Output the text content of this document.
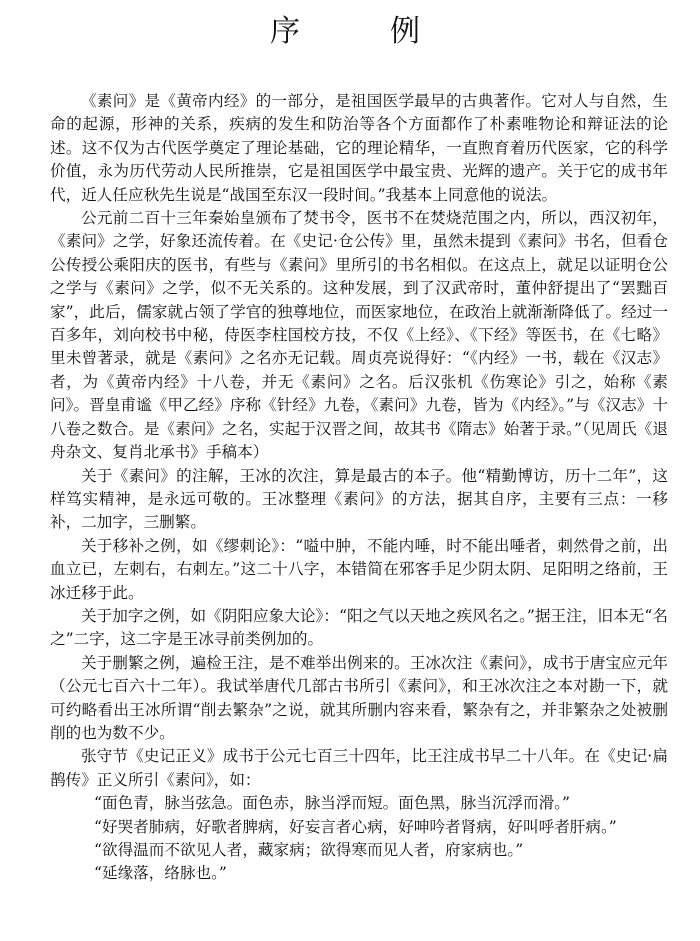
序　例

《素问》是《黄帝内经》的一部分，是祖国医学最早的古典著作。它对人与自然，生命的起源，形神的关系，疾病的发生和防治等各个方面都作了朴素唯物论和辩证法的论述。这不仅为古代医学奠定了理论基础，它的理论精华，一直煦育着历代医家，它的科学价值，永为历代劳动人民所推崇，它是祖国医学中最宝贵、光辉的遗产。关于它的成书年代，近人任应秋先生说是“战国至东汉一段时间。”我基本上同意他的说法。

公元前二百十三年秦始皇颁布了焚书令，医书不在焚烧范围之内，所以，西汉初年，《素问》之学，好象还流传着。在《史记·仓公传》里，虽然未提到《素问》书名，但看仓公传授公乘阳庆的医书，有些与《素问》里所引的书名相似。在这点上，就足以证明仓公之学与《素问》之学，似不无关系的。这种发展，到了汉武帝时，董仲舒提出了“罢黜百家”，此后，儒家就占领了学官的独尊地位，而医家地位，在政治上就渐渐降低了。经过一百多年，刘向校书中秘，侍医李柱国校方技，不仅《上经》、《下经》等医书，在《七略》里未曾著录，就是《素问》之名亦无记载。周贞亮说得好：“《内经》一书，载在《汉志》者，为《黄帝内经》十八卷，并无《素问》之名。后汉张机《伤寒论》引之，始称《素问》。晋皇甫谧《甲乙经》序称《针经》九卷，《素问》九卷，皆为《内经》。”与《汉志》十八卷之数合。是《素问》之名，实起于汉晋之间，故其书《隋志》始著于录。”（见周氏《退舟杂文、复肖北承书》手稿本）

关于《素问》的注解，王冰的次注，算是最古的本子。他“精勤博访，历十二年”，这样笃实精神，是永远可敬的。王冰整理《素问》的方法，据其自序，主要有三点：一移补，二加字，三删繁。

关于移补之例，如《缪刺论》：“嗌中肿，不能内唾，时不能出唾者，刺然骨之前，出血立已，左刺右，右刺左。”这二十八字，本错简在邪客手足少阴太阴、足阳明之络前，王冰迁移于此。

关于加字之例，如《阴阳应象大论》：“阳之气以天地之疾风名之。”据王注，旧本无“名之”二字，这二字是王冰寻前类例加的。

关于删繁之例，遍检王注，是不难举出例来的。王冰次注《素问》，成书于唐宝应元年（公元七百六十二年）。我试举唐代几部古书所引《素问》，和王冰次注之本对勘一下，就可约略看出王冰所谓“削去繁杂”之说，就其所删内容来看，繁杂有之，并非繁杂之处被删削的也为数不少。

张守节《史记正义》成书于公元七百三十四年，比王注成书早二十八年。在《史记·扁鹊传》正义所引《素问》，如：

“面色青，脉当弦急。面色赤，脉当浮而短。面色黑，脉当沉浮而滑。”

“好哭者肺病，好歌者脾病，好妄言者心病，好呻吟者肾病，好叫呼者肝病。”

“欲得温而不欲见人者，藏家病；欲得寒而见人者，府家病也。”

“延缘落，络脉也。”
